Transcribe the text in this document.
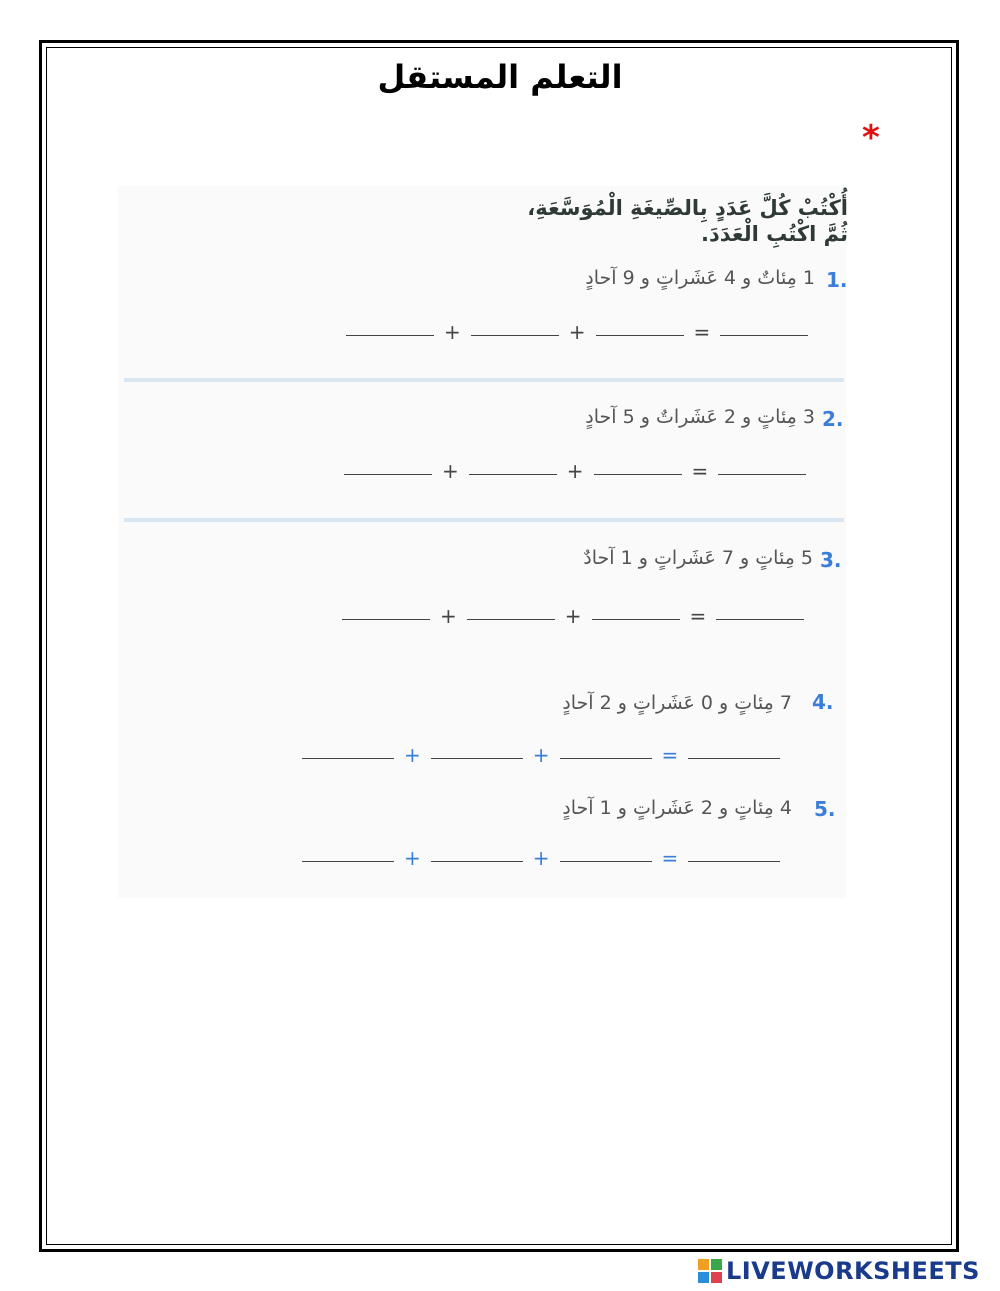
التعلم المستقل
*
أُكْتُبْ كُلَّ عَدَدٍ بِالصِّيغَةِ الْمُوَسَّعَةِ،
ثُمَّ اكْتُبِ الْعَدَدَ.
1.
1 مِئاتٌ و 4 عَشَراتٍ و 9 آحادٍ
+	+	=
2.
3 مِئاتٍ و 2 عَشَراتٌ و 5 آحادٍ
+	+	=
3.
5 مِئاتٍ و 7 عَشَراتٍ و 1 آحادٌ
+	+	=
4.
7 مِئاتٍ و 0 عَشَراتٍ و 2 آحادٍ
+	+	=
5.
4 مِئاتٍ و 2 عَشَراتٍ و 1 آحادٍ
+	+	=
LIVEWORKSHEETS
